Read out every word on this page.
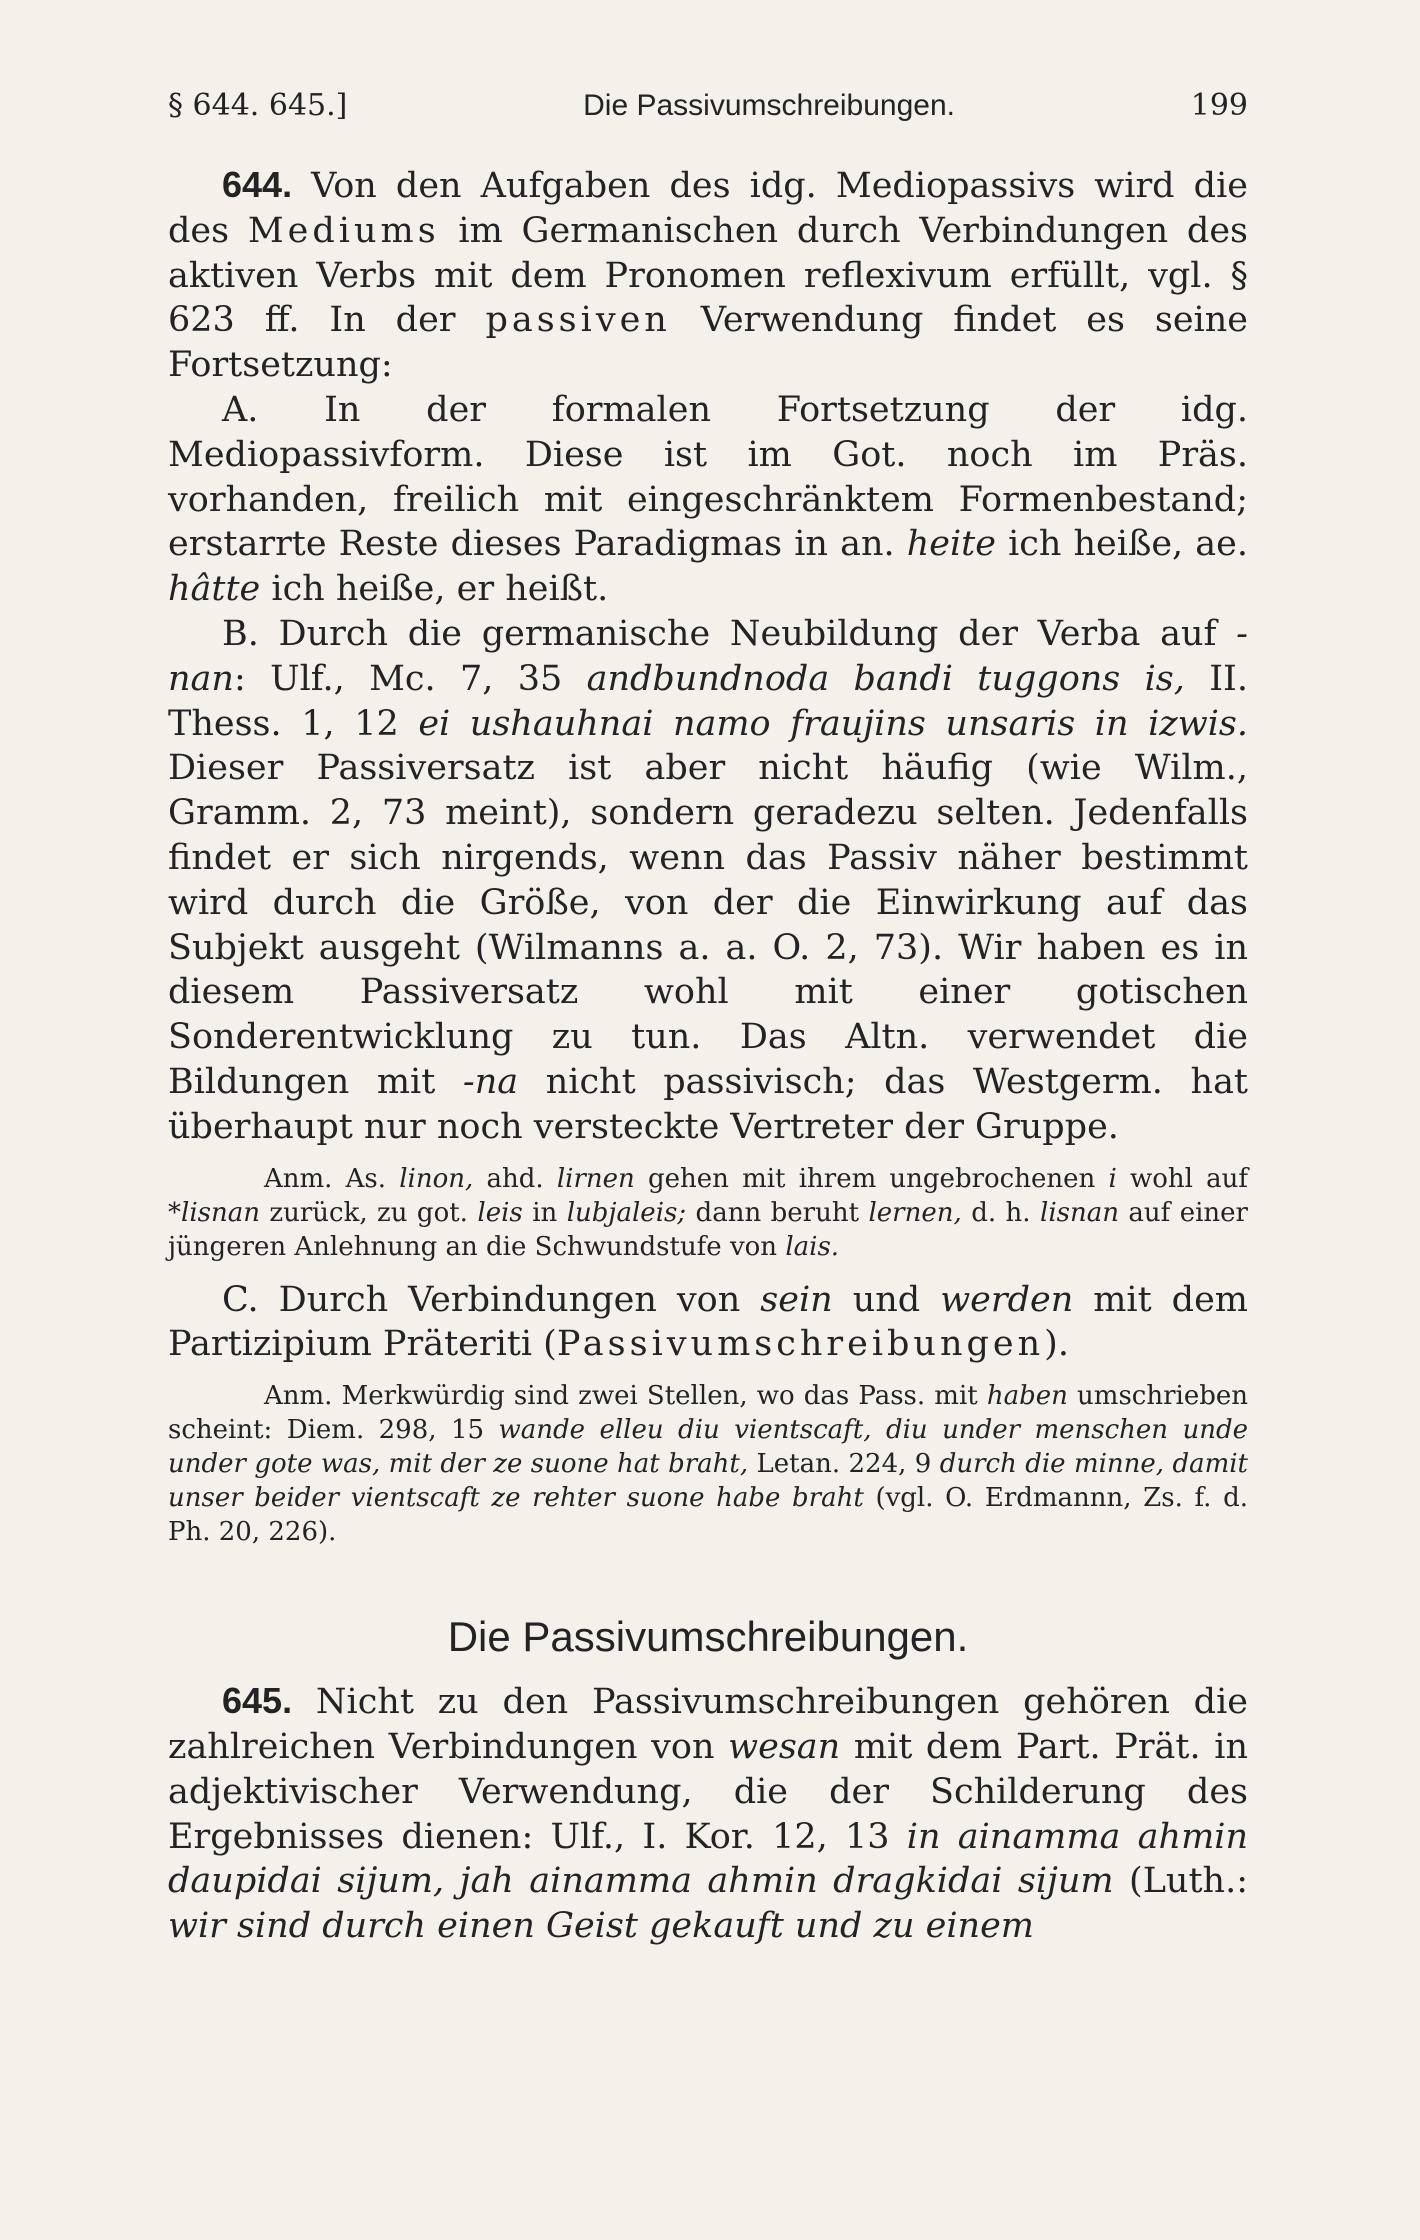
§ 644. 645.]	Die Passivumschreibungen.	199

644. Von den Aufgaben des idg. Mediopassivs wird die des Mediums im Germanischen durch Verbindungen des aktiven Verbs mit dem Pronomen reflexivum erfüllt, vgl. § 623 ff. In der passiven Verwendung findet es seine Fortsetzung:

A. In der formalen Fortsetzung der idg. Mediopassivform. Diese ist im Got. noch im Präs. vorhanden, freilich mit eingeschränktem Formenbestand; erstarrte Reste dieses Paradigmas in an. heite ich heiße, ae. hâtte ich heiße, er heißt.

B. Durch die germanische Neubildung der Verba auf -nan: Ulf., Mc. 7, 35 andbundnoda bandi tuggons is, II. Thess. 1, 12 ei ushauhnai namo fraujins unsaris in izwis. Dieser Passiversatz ist aber nicht häufig (wie Wilm., Gramm. 2, 73 meint), sondern geradezu selten. Jedenfalls findet er sich nirgends, wenn das Passiv näher bestimmt wird durch die Größe, von der die Einwirkung auf das Subjekt ausgeht (Wilmanns a. a. O. 2, 73). Wir haben es in diesem Passiversatz wohl mit einer gotischen Sonderentwicklung zu tun. Das Altn. verwendet die Bildungen mit -na nicht passivisch; das Westgerm. hat überhaupt nur noch versteckte Vertreter der Gruppe.

Anm. As. linon, ahd. lirnen gehen mit ihrem ungebrochenen i wohl auf *lisnan zurück, zu got. leis in lubjaleis; dann beruht lernen, d. h. lisnan auf einer jüngeren Anlehnung an die Schwundstufe von lais.

C. Durch Verbindungen von sein und werden mit dem Partizipium Präteriti (Passivumschreibungen).

Anm. Merkwürdig sind zwei Stellen, wo das Pass. mit haben umschrieben scheint: Diem. 298, 15 wande elleu diu vientscaft, diu under menschen unde under gote was, mit der ze suone hat braht, Letan. 224, 9 durch die minne, damit unser beider vientscaft ze rehter suone habe braht (vgl. O. Erdmannn, Zs. f. d. Ph. 20, 226).

Die Passivumschreibungen.

645. Nicht zu den Passivumschreibungen gehören die zahlreichen Verbindungen von wesan mit dem Part. Prät. in adjektivischer Verwendung, die der Schilderung des Ergebnisses dienen: Ulf., I. Kor. 12, 13 in ainamma ahmin daupidai sijum, jah ainamma ahmin dragkidai sijum (Luth.: wir sind durch einen Geist gekauft und zu einem
